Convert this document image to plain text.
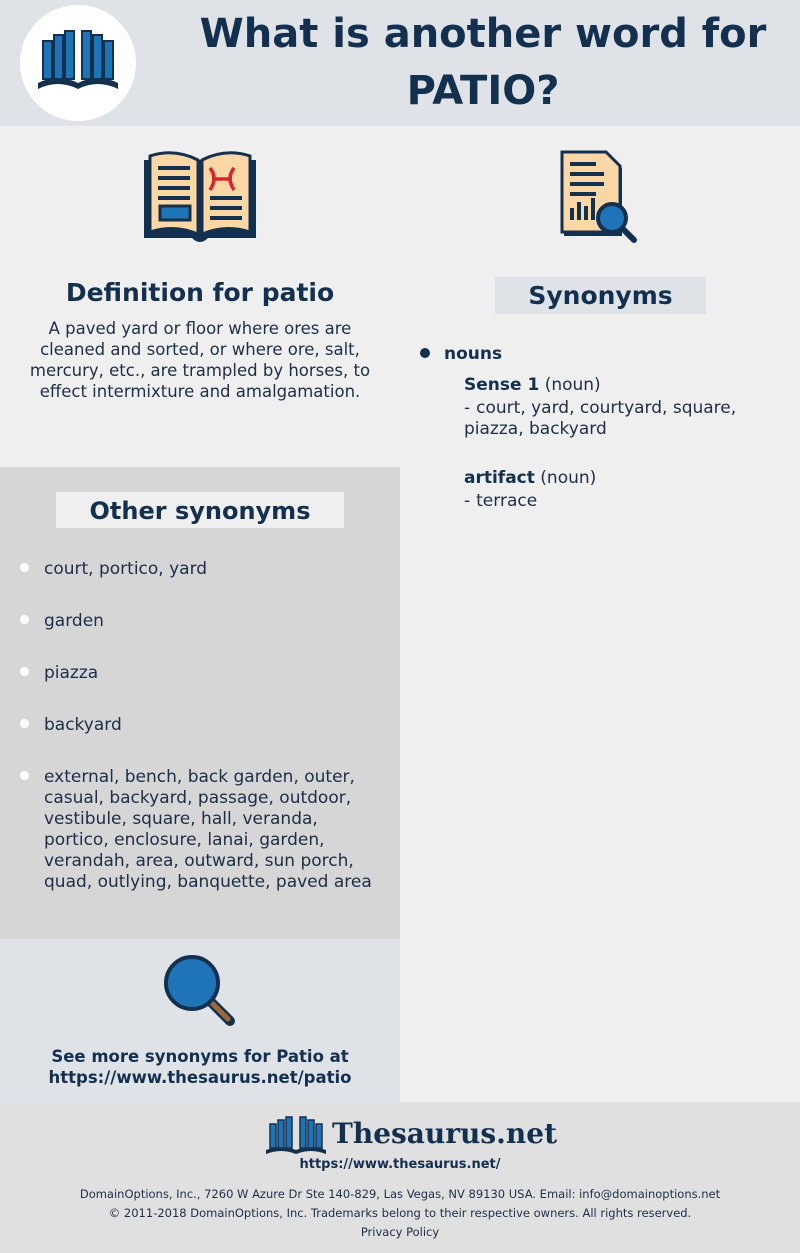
What is another word for
PATIO?
Definition for patio
A paved yard or floor where ores are cleaned and sorted, or where ore, salt, mercury, etc., are trampled by horses, to effect intermixture and amalgamation.
Other synonyms
court, portico, yard
garden
piazza
backyard
external, bench, back garden, outer, casual, backyard, passage, outdoor, vestibule, square, hall, veranda, portico, enclosure, lanai, garden, verandah, area, outward, sun porch, quad, outlying, banquette, paved area
See more synonyms for Patio at
https://www.thesaurus.net/patio
Synonyms
nouns
Sense 1 (noun)
- court, yard, courtyard, square, piazza, backyard
artifact (noun)
- terrace
Thesaurus.net
https://www.thesaurus.net/
DomainOptions, Inc., 7260 W Azure Dr Ste 140-829, Las Vegas, NV 89130 USA. Email: info@domainoptions.net
© 2011-2018 DomainOptions, Inc. Trademarks belong to their respective owners. All rights reserved.
Privacy Policy
